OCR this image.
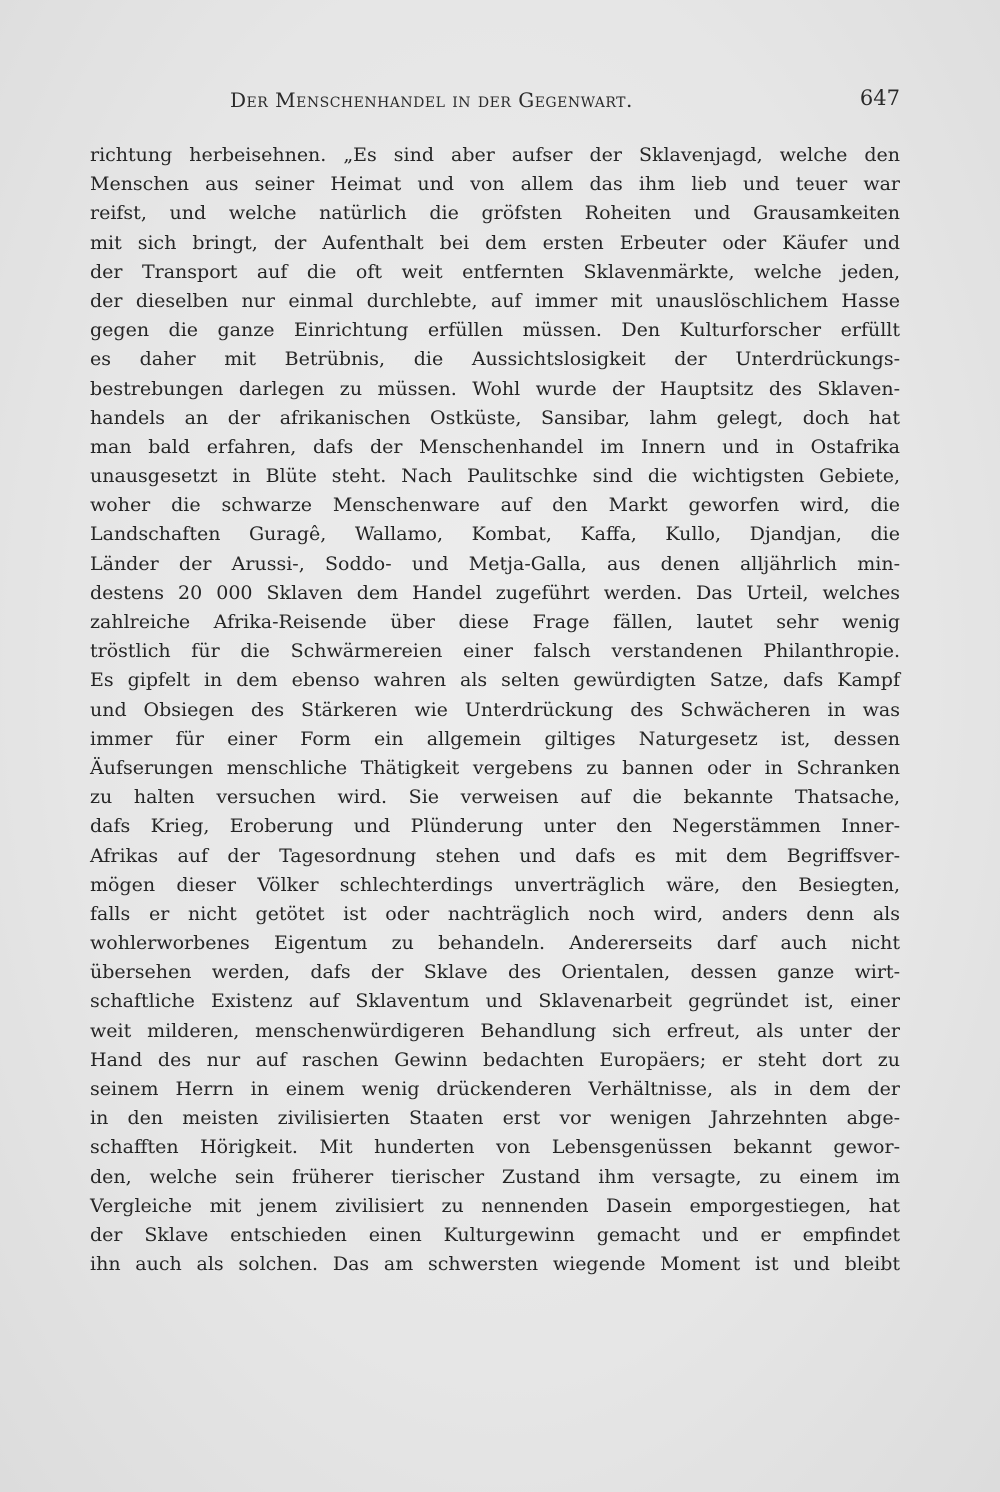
Der Menschenhandel in der Gegenwart.	647
richtung herbeisehnen. „Es sind aber aufser der Sklavenjagd, welche den
Menschen aus seiner Heimat und von allem das ihm lieb und teuer war
reifst, und welche natürlich die gröfsten Roheiten und Grausamkeiten
mit sich bringt, der Aufenthalt bei dem ersten Erbeuter oder Käufer und
der Transport auf die oft weit entfernten Sklavenmärkte, welche jeden,
der dieselben nur einmal durchlebte, auf immer mit unauslöschlichem Hasse
gegen die ganze Einrichtung erfüllen müssen. Den Kulturforscher erfüllt
es daher mit Betrübnis, die Aussichtslosigkeit der Unterdrückungs-
bestrebungen darlegen zu müssen. Wohl wurde der Hauptsitz des Sklaven-
handels an der afrikanischen Ostküste, Sansibar, lahm gelegt, doch hat
man bald erfahren, dafs der Menschenhandel im Innern und in Ostafrika
unausgesetzt in Blüte steht. Nach Paulitschke sind die wichtigsten Gebiete,
woher die schwarze Menschenware auf den Markt geworfen wird, die
Landschaften Guragê, Wallamo, Kombat, Kaffa, Kullo, Djandjan, die
Länder der Arussi-, Soddo- und Metja-Galla, aus denen alljährlich min-
destens 20 000 Sklaven dem Handel zugeführt werden. Das Urteil, welches
zahlreiche Afrika-Reisende über diese Frage fällen, lautet sehr wenig
tröstlich für die Schwärmereien einer falsch verstandenen Philanthropie.
Es gipfelt in dem ebenso wahren als selten gewürdigten Satze, dafs Kampf
und Obsiegen des Stärkeren wie Unterdrückung des Schwächeren in was
immer für einer Form ein allgemein giltiges Naturgesetz ist, dessen
Äufserungen menschliche Thätigkeit vergebens zu bannen oder in Schranken
zu halten versuchen wird. Sie verweisen auf die bekannte Thatsache,
dafs Krieg, Eroberung und Plünderung unter den Negerstämmen Inner-
Afrikas auf der Tagesordnung stehen und dafs es mit dem Begriffsver-
mögen dieser Völker schlechterdings unverträglich wäre, den Besiegten,
falls er nicht getötet ist oder nachträglich noch wird, anders denn als
wohlerworbenes Eigentum zu behandeln. Andererseits darf auch nicht
übersehen werden, dafs der Sklave des Orientalen, dessen ganze wirt-
schaftliche Existenz auf Sklaventum und Sklavenarbeit gegründet ist, einer
weit milderen, menschenwürdigeren Behandlung sich erfreut, als unter der
Hand des nur auf raschen Gewinn bedachten Europäers; er steht dort zu
seinem Herrn in einem wenig drückenderen Verhältnisse, als in dem der
in den meisten zivilisierten Staaten erst vor wenigen Jahrzehnten abge-
schafften Hörigkeit. Mit hunderten von Lebensgenüssen bekannt gewor-
den, welche sein früherer tierischer Zustand ihm versagte, zu einem im
Vergleiche mit jenem zivilisiert zu nennenden Dasein emporgestiegen, hat
der Sklave entschieden einen Kulturgewinn gemacht und er empfindet
ihn auch als solchen. Das am schwersten wiegende Moment ist und bleibt
